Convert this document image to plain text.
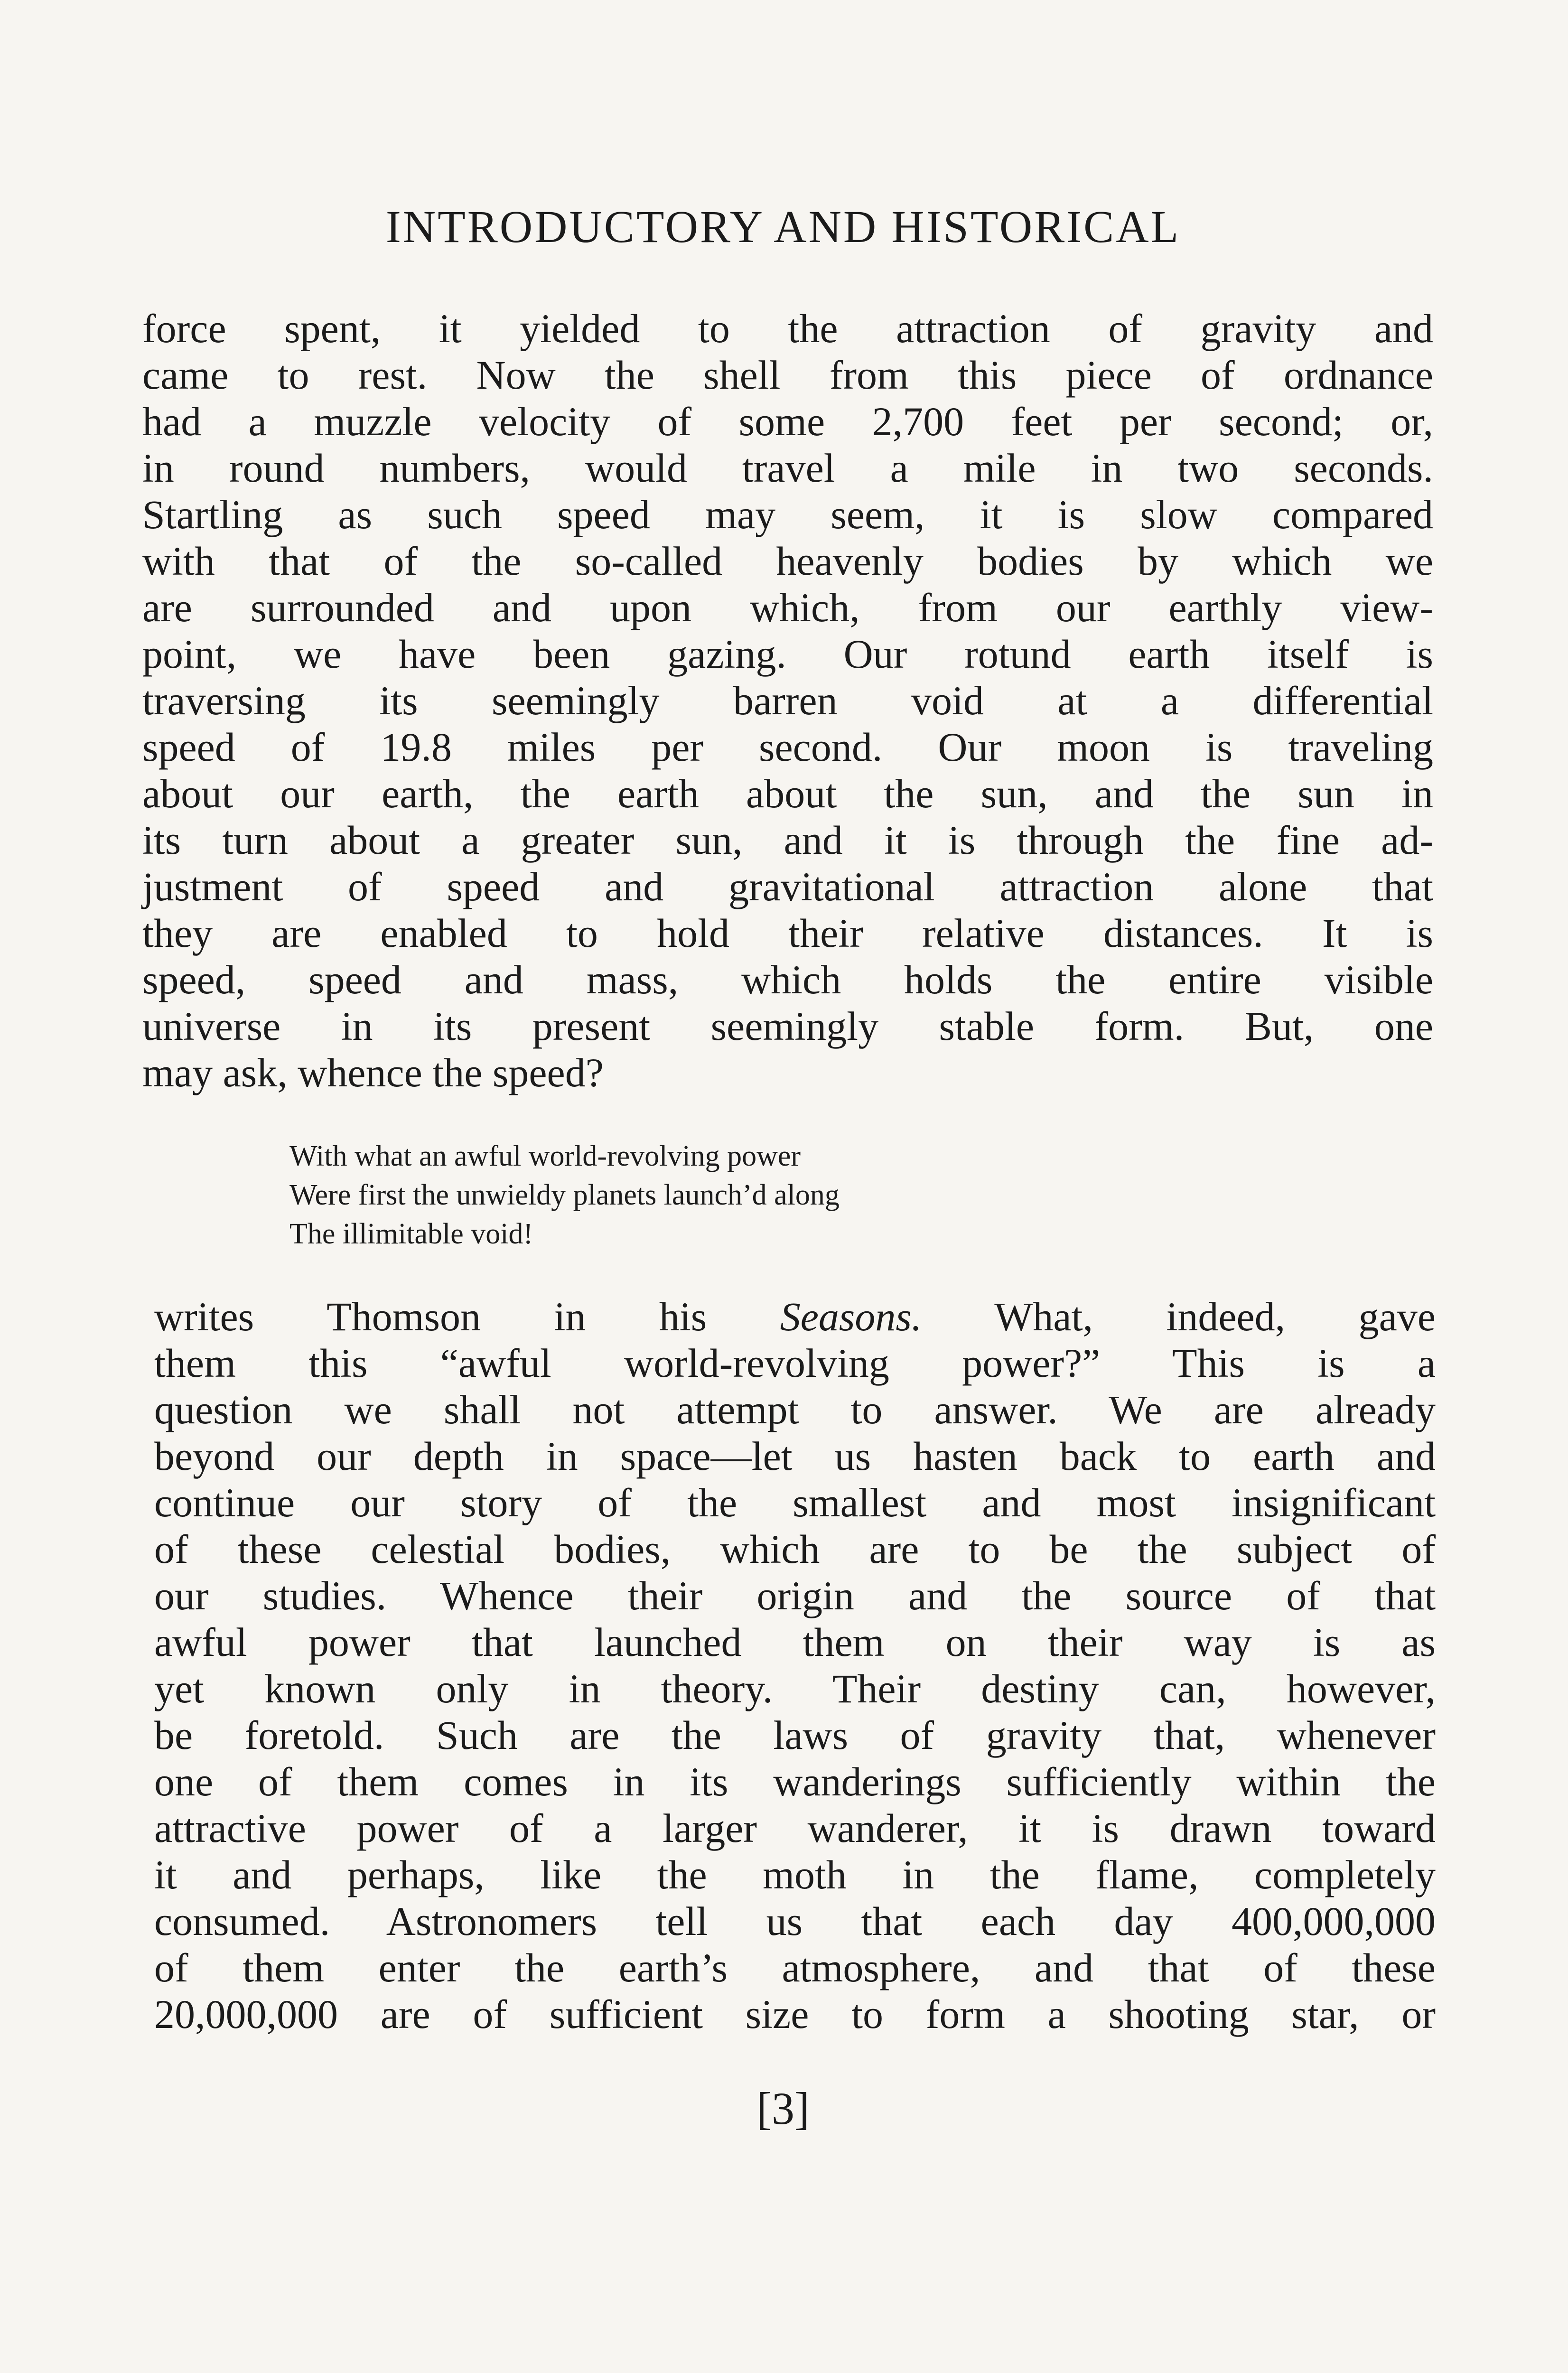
INTRODUCTORY AND HISTORICAL
force spent, it yielded to the attraction of gravity and
came to rest. Now the shell from this piece of ordnance
had a muzzle velocity of some 2,700 feet per second; or,
in round numbers, would travel a mile in two seconds.
Startling as such speed may seem, it is slow compared
with that of the so-called heavenly bodies by which we
are surrounded and upon which, from our earthly view-
point, we have been gazing. Our rotund earth itself is
traversing its seemingly barren void at a differential
speed of 19.8 miles per second. Our moon is traveling
about our earth, the earth about the sun, and the sun in
its turn about a greater sun, and it is through the fine ad-
justment of speed and gravitational attraction alone that
they are enabled to hold their relative distances. It is
speed, speed and mass, which holds the entire visible
universe in its present seemingly stable form. But, one
may ask, whence the speed?
With what an awful world-revolving power
Were first the unwieldy planets launch’d along
The illimitable void!
writes Thomson in his Seasons. What, indeed, gave
them this “awful world-revolving power?” This is a
question we shall not attempt to answer. We are already
beyond our depth in space—let us hasten back to earth and
continue our story of the smallest and most insignificant
of these celestial bodies, which are to be the subject of
our studies. Whence their origin and the source of that
awful power that launched them on their way is as
yet known only in theory. Their destiny can, however,
be foretold. Such are the laws of gravity that, whenever
one of them comes in its wanderings sufficiently within the
attractive power of a larger wanderer, it is drawn toward
it and perhaps, like the moth in the flame, completely
consumed. Astronomers tell us that each day 400,000,000
of them enter the earth’s atmosphere, and that of these
20,000,000 are of sufficient size to form a shooting star, or
[3]
